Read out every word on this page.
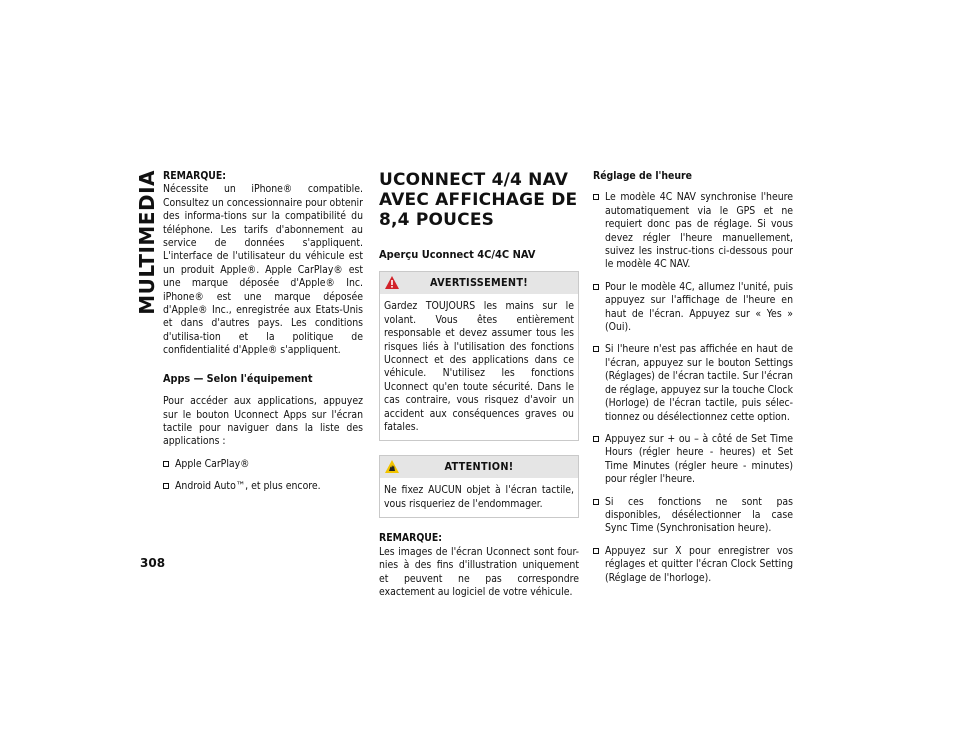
MULTIMEDIA
308
REMARQUE:

Nécessite un iPhone® compatible. Consultez un concessionnaire pour obtenir des informa-tions sur la compatibilité du téléphone. Les tarifs d'abonnement au service de données s'appliquent. L'interface de l'utilisateur du véhicule est un produit Apple®. Apple CarPlay® est une marque déposée d'Apple® Inc. iPhone® est une marque déposée d'Apple® Inc., enregistrée aux Etats-Unis et dans d'autres pays. Les conditions d'utilisa-tion et la politique de confidentialité d'Apple® s'appliquent.

Apps — Selon l'équipement

Pour accéder aux applications, appuyez sur le bouton Uconnect Apps sur l'écran tactile pour naviguer dans la liste des applications :

Apple CarPlay®
Android Auto™, et plus encore.
UCONNECT 4/4 NAV AVEC AFFICHAGE DE 8,4 POUCES
Aperçu Uconnect 4C/4C NAV
AVERTISSEMENT!
Gardez TOUJOURS les mains sur le volant. Vous êtes entièrement responsable et devez assumer tous les risques liés à l'utilisation des fonctions Uconnect et des applications dans ce véhicule. N'utilisez les fonctions Uconnect qu'en toute sécurité. Dans le cas contraire, vous risquez d'avoir un accident aux conséquences graves ou fatales.
ATTENTION!
Ne fixez AUCUN objet à l'écran tactile, vous risqueriez de l'endommager.
REMARQUE:

Les images de l'écran Uconnect sont four-nies à des fins d'illustration uniquement et peuvent ne pas correspondre exactement au logiciel de votre véhicule.

Réglage de l'heure
Le modèle 4C NAV synchronise l'heure automatiquement via le GPS et ne requiert donc pas de réglage. Si vous devez régler l'heure manuellement, suivez les instruc-tions ci-dessous pour le modèle 4C NAV.
Pour le modèle 4C, allumez l'unité, puis appuyez sur l'affichage de l'heure en haut de l'écran. Appuyez sur « Yes » (Oui).
Si l'heure n'est pas affichée en haut de l'écran, appuyez sur le bouton Settings (Réglages) de l'écran tactile. Sur l'écran de réglage, appuyez sur la touche Clock (Horloge) de l'écran tactile, puis sélec-tionnez ou désélectionnez cette option.
Appuyez sur + ou – à côté de Set Time Hours (régler heure - heures) et Set Time Minutes (régler heure - minutes) pour régler l'heure.
Si ces fonctions ne sont pas disponibles, désélectionner la case Sync Time (Synchronisation heure).
Appuyez sur X pour enregistrer vos réglages et quitter l'écran Clock Setting (Réglage de l'horloge).
